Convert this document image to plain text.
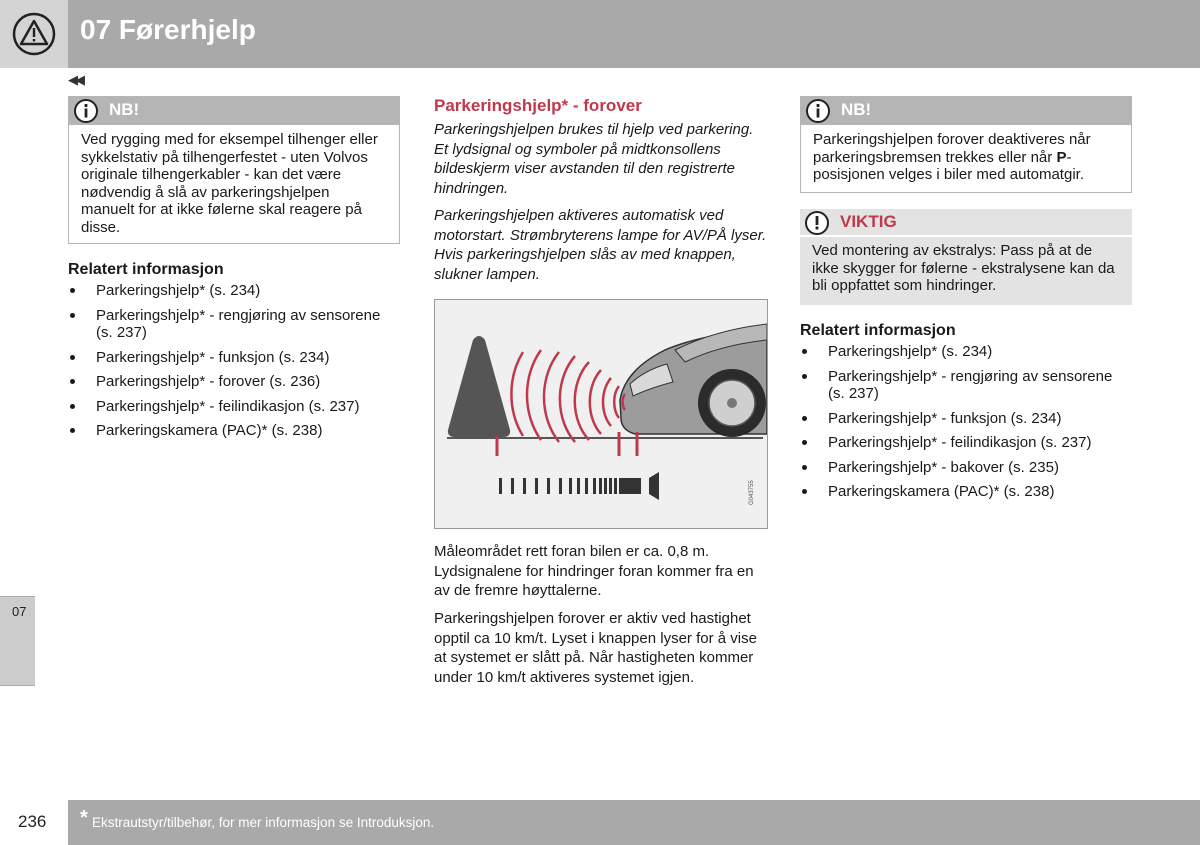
07 Førerhjelp
◀◀
07
NB!
Ved rygging med for eksempel tilhenger eller sykkelstativ på tilhengerfestet - uten Volvos originale tilhengerkabler - kan det være nødvendig å slå av parkeringshjelpen manuelt for at ikke følerne skal reagere på disse.
Relatert informasjon
Parkeringshjelp* (s. 234)
Parkeringshjelp* - rengjøring av sensorene (s. 237)
Parkeringshjelp* - funksjon (s. 234)
Parkeringshjelp* - forover (s. 236)
Parkeringshjelp* - feilindikasjon (s. 237)
Parkeringskamera (PAC)* (s. 238)
Parkeringshjelp* - forover
Parkeringshjelpen brukes til hjelp ved parkering. Et lydsignal og symboler på midtkonsollens bildeskjerm viser avstanden til den registrerte hindringen.
Parkeringshjelpen aktiveres automatisk ved motorstart. Strømbryterens lampe for AV/PÅ lyser. Hvis parkeringshjelpen slås av med knappen, slukner lampen.
G043755
Måleområdet rett foran bilen er ca. 0,8 m. Lydsignalene for hindringer foran kommer fra en av de fremre høyttalerne.
Parkeringshjelpen forover er aktiv ved hastighet opptil ca 10 km/t. Lyset i knappen lyser for å vise at systemet er slått på. Når hastigheten kommer under 10 km/t aktiveres systemet igjen.
NB!
Parkeringshjelpen forover deaktiveres når parkeringsbremsen trekkes eller når P-posisjonen velges i biler med automatgir.
VIKTIG
Ved montering av ekstralys: Pass på at de ikke skygger for følerne - ekstralysene kan da bli oppfattet som hindringer.
Relatert informasjon
Parkeringshjelp* (s. 234)
Parkeringshjelp* - rengjøring av sensorene (s. 237)
Parkeringshjelp* - funksjon (s. 234)
Parkeringshjelp* - feilindikasjon (s. 237)
Parkeringshjelp* - bakover (s. 235)
Parkeringskamera (PAC)* (s. 238)
236 * Ekstrautstyr/tilbehør, for mer informasjon se Introduksjon.
